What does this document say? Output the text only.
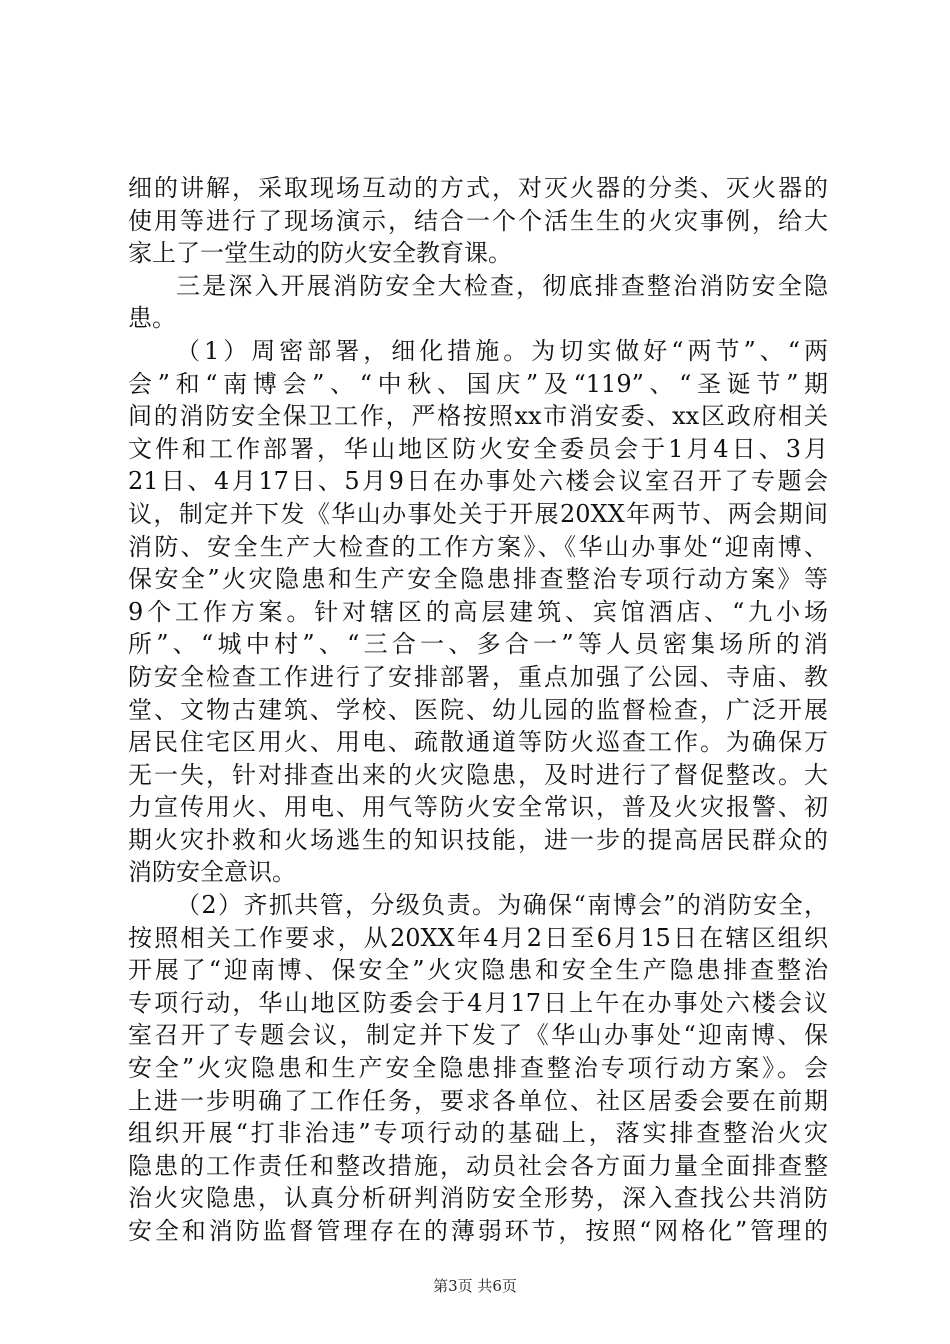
细的讲解，采取现场互动的方式，对灭火器的分类、灭火器的
使用等进行了现场演示，结合一个个活生生的火灾事例，给大
家上了一堂生动的防火安全教育课。
三是深入开展消防安全大检查，彻底排查整治消防安全隐
患。
（1）周密部署，细化措施。为切实做好“两节”、“两
会”和“南博会”、“中秋、国庆”及“119”、“圣诞节”期
间的消防安全保卫工作，严格按照xx市消安委、xx区政府相关
文件和工作部署，华山地区防火安全委员会于1月4日、3月
21日、4月17日、5月9日在办事处六楼会议室召开了专题会
议，制定并下发《华山办事处关于开展20XX年两节、两会期间
消防、安全生产大检查的工作方案》、《华山办事处“迎南博、
保安全”火灾隐患和生产安全隐患排查整治专项行动方案》等
9个工作方案。针对辖区的高层建筑、宾馆酒店、“九小场
所”、“城中村”、“三合一、多合一”等人员密集场所的消
防安全检查工作进行了安排部署，重点加强了公园、寺庙、教
堂、文物古建筑、学校、医院、幼儿园的监督检查，广泛开展
居民住宅区用火、用电、疏散通道等防火巡查工作。为确保万
无一失，针对排查出来的火灾隐患，及时进行了督促整改。大
力宣传用火、用电、用气等防火安全常识，普及火灾报警、初
期火灾扑救和火场逃生的知识技能，进一步的提高居民群众的
消防安全意识。
（2）齐抓共管，分级负责。为确保“南博会”的消防安全，
按照相关工作要求，从20XX年4月2日至6月15日在辖区组织
开展了“迎南博、保安全”火灾隐患和安全生产隐患排查整治
专项行动，华山地区防委会于4月17日上午在办事处六楼会议
室召开了专题会议，制定并下发了《华山办事处“迎南博、保
安全”火灾隐患和生产安全隐患排查整治专项行动方案》。会
上进一步明确了工作任务，要求各单位、社区居委会要在前期
组织开展“打非治违”专项行动的基础上，落实排查整治火灾
隐患的工作责任和整改措施，动员社会各方面力量全面排查整
治火灾隐患，认真分析研判消防安全形势，深入查找公共消防
安全和消防监督管理存在的薄弱环节，按照“网格化”管理的
第3页 共6页
